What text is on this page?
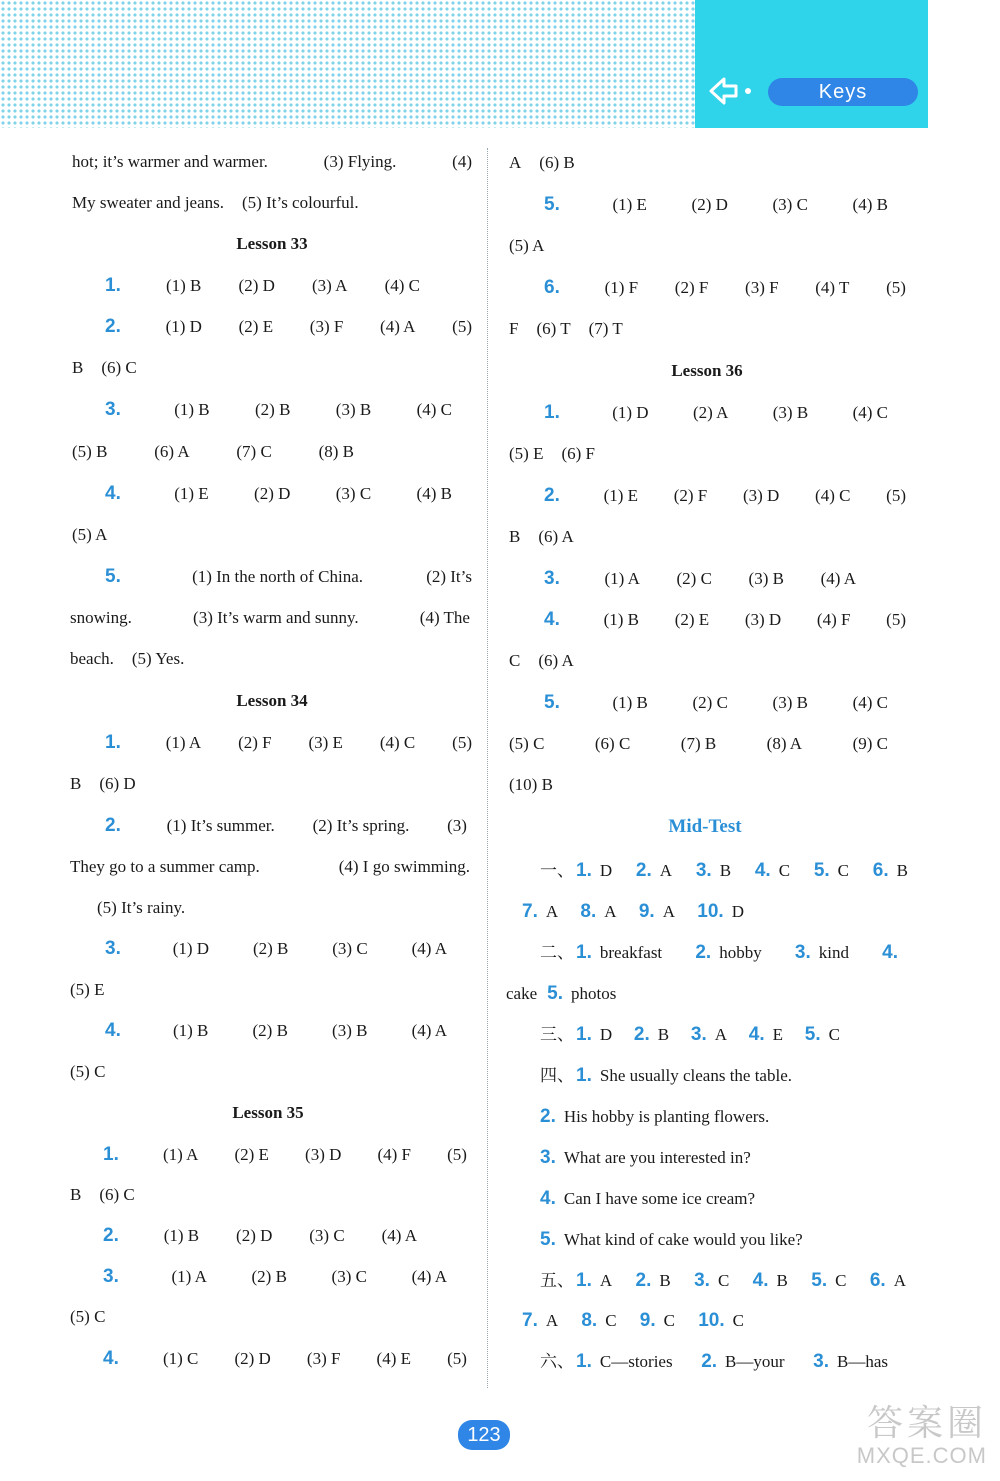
Keys
hot; it’s warmer and warmer.	(3) Flying.	(4)
My sweater and jeans. (5) It’s colourful.
Lesson 33
1.	(1) B (2) D (3) A (4) C
2.	(1) D (2) E (3) F (4) A (5)
B (6) C
3.	(1) B	(2) B	(3) B	(4) C
(5) B	(6) A	(7) C	(8) B
4.	(1) E	(2) D	(3) C	(4) B
(5) A
5.	(1) In the north of China.	(2) It’s
snowing.	(3) It’s warm and sunny.	(4) The
beach. (5) Yes.
Lesson 34
1.	(1) A (2) F (3) E (4) C (5)
B (6) D
2.	(1) It’s summer. (2) It’s spring. (3)
They go to a summer camp.	(4) I go swimming.
(5) It’s rainy.
3.	(1) D	(2) B	(3) C	(4) A
(5) E
4.	(1) B	(2) B	(3) B	(4) A
(5) C
Lesson 35
1.	(1) A (2) E (3) D (4) F (5)
B (6) C
2.	(1) B (2) D (3) C (4) A
3.	(1) A	(2) B	(3) C	(4) A
(5) C
4.	(1) C (2) D (3) F (4) E (5)
A (6) B
5.	(1) E	(2) D	(3) C	(4) B
(5) A
6.	(1) F (2) F (3) F (4) T (5)
F (6) T (7) T
Lesson 36
1.	(1) D	(2) A	(3) B	(4) C
(5) E (6) F
2.	(1) E (2) F (3) D (4) C (5)
B (6) A
3.	(1) A (2) C (3) B (4) A
4.	(1) B (2) E (3) D (4) F (5)
C (6) A
5.	(1) B	(2) C	(3) B	(4) C
(5) C	(6) C	(7) B	(8) A	(9) C
(10) B
Mid-Test
一、 1. D 2. A 3. B 4. C 5. C 6. B
7. A 8. A 9. A 10. D
二、 1. breakfast 2. hobby 3. kind 4.
cake 5. photos
三、 1. D 2. B 3. A 4. E 5. C
四、 1. She usually cleans the table.
2. His hobby is planting flowers.
3. What are you interested in?
4. Can I have some ice cream?
5. What kind of cake would you like?
五、 1. A 2. B 3. C 4. B 5. C 6. A
7. A 8. C 9. C 10. C
六、 1. C—stories 2. B—your 3. B—has
123	答案圈
MXQE.COM
